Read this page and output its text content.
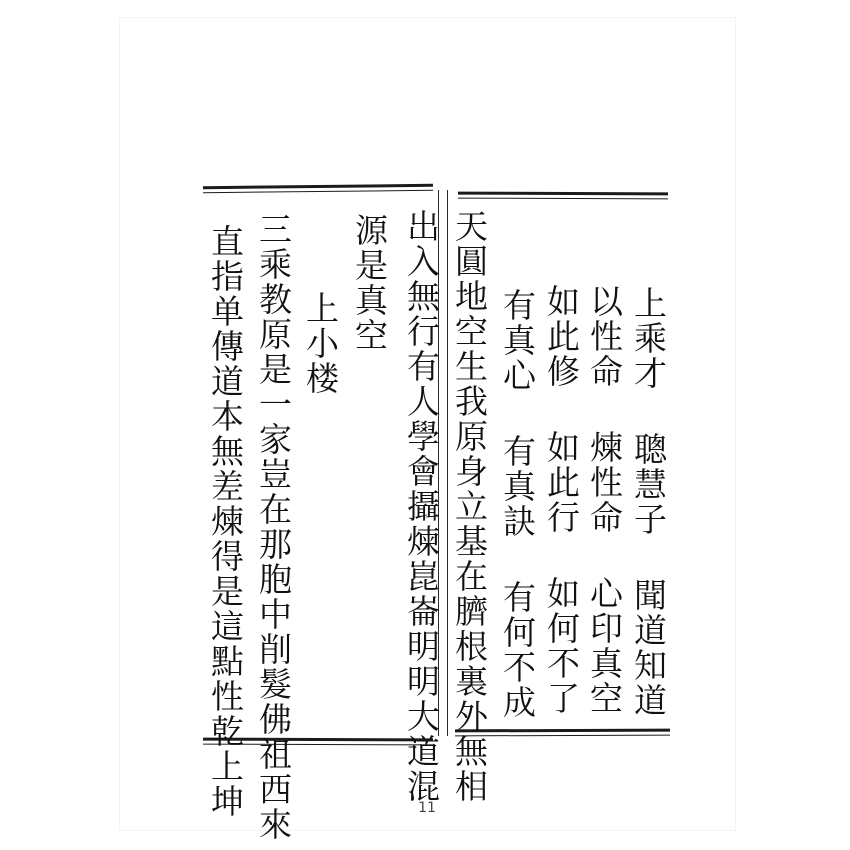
上乘才 聰慧子 聞道知道
以性命 煉性命 心印真空
如此修 如此行 如何不了
有真心 有真訣 有何不成
天圓地空生我原身立基在臍根裏外無相
出入無行有人學會攝煉崑崙明明大道混
源是真空
上小楼
三乘教原是一家豈在那胞中削髮佛祖西來
直指单傳道本無差煉得是這點性乾上坤	11
